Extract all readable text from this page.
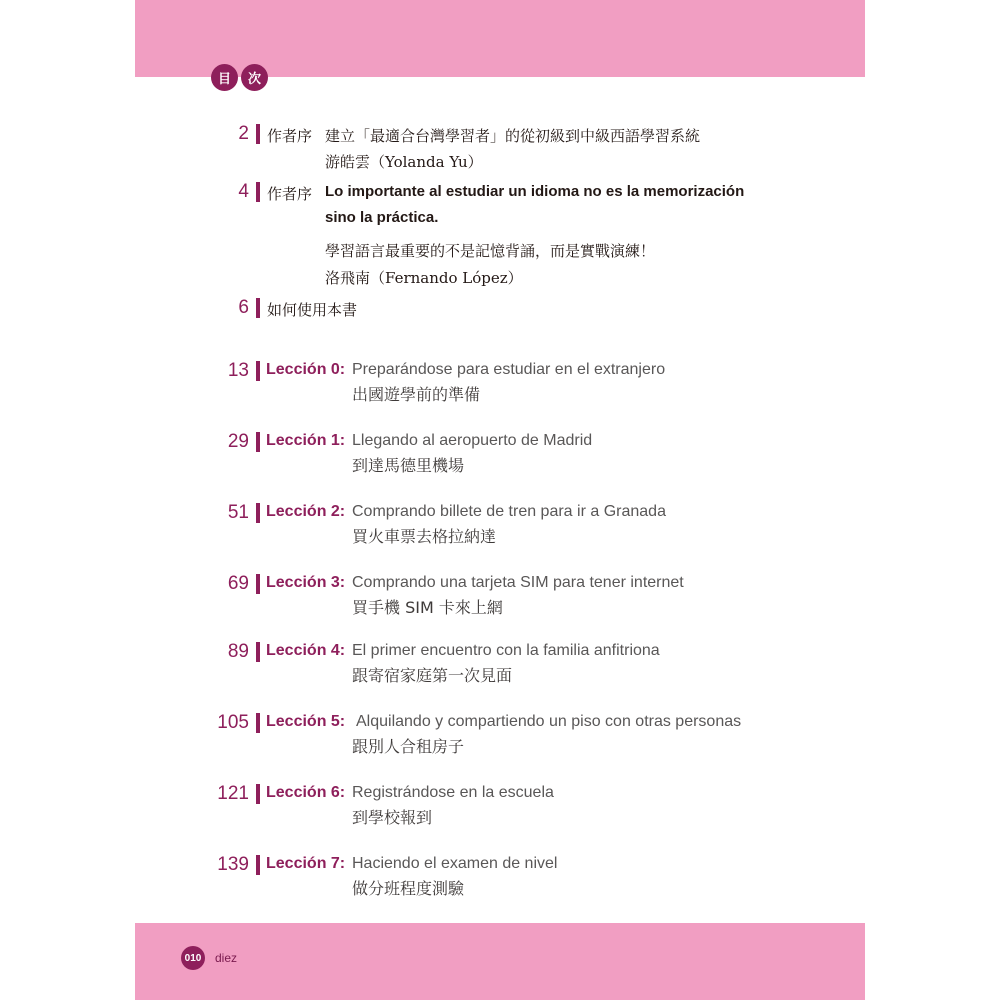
目	次
2 作者序 建立「最適合台灣學習者」的從初級到中級西語學習系統
游皓雲（Yolanda Yu）
4 作者序 Lo importante al estudiar un idioma no es la memorización
sino la práctica.
學習語言最重要的不是記憶背誦，而是實戰演練！
洛飛南（Fernando López）
6 如何使用本書
13 Lección 0: Preparándose para estudiar en el extranjero
出國遊學前的準備
29 Lección 1: Llegando al aeropuerto de Madrid
到達馬德里機場
51 Lección 2: Comprando billete de tren para ir a Granada
買火車票去格拉納達
69 Lección 3: Comprando una tarjeta SIM para tener internet
買手機 SIM 卡來上網
89 Lección 4: El primer encuentro con la familia anfitriona
跟寄宿家庭第一次見面
105 Lección 5: Alquilando y compartiendo un piso con otras personas
跟別人合租房子
121 Lección 6: Registrándose en la escuela
到學校報到
139 Lección 7: Haciendo el examen de nivel
做分班程度測驗
010	diez
